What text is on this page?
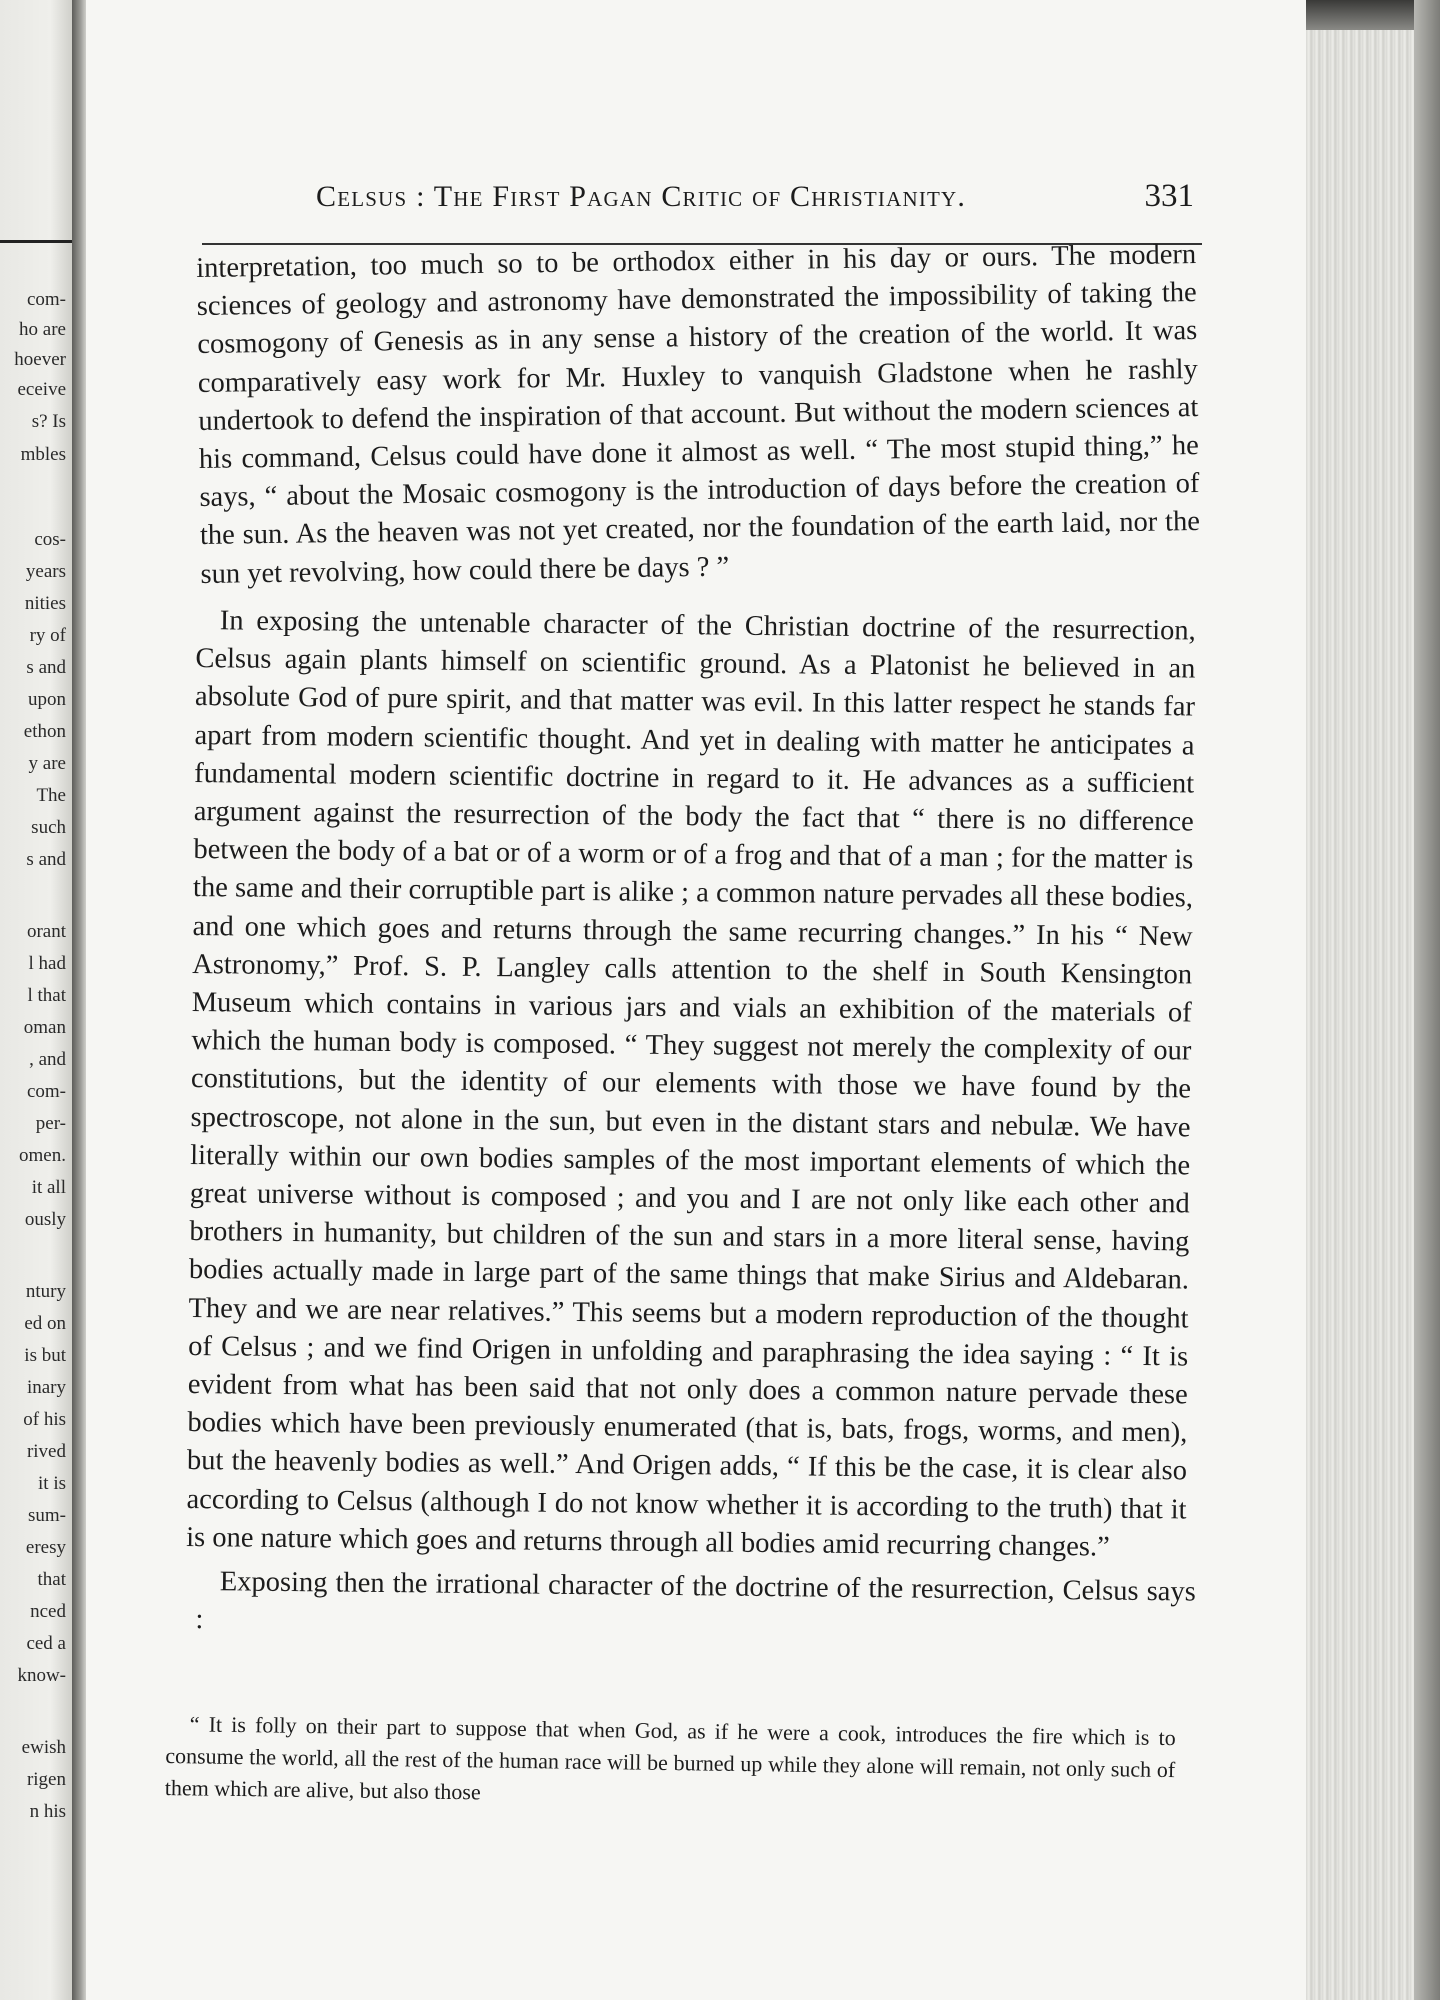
com-
ho are
hoever
eceive
s? Is
mbles
cos-
years
nities
ry of
s and
upon
ethon
y are
The
such
s and
orant
l had
l that
oman
, and
com-
per-
omen.
it all
ously
ntury
ed on
is but
inary
of his
rived
it is
sum-
eresy
that
nced
ced a
know-
ewish
rigen
n his
Celsus : The First Pagan Critic of Christianity.	331

interpretation, too much so to be orthodox either in his day or ours. The modern sciences of geology and astronomy have demonstrated the impossibility of taking the cosmogony of Genesis as in any sense a history of the creation of the world. It was comparatively easy work for Mr. Huxley to vanquish Gladstone when he rashly undertook to defend the inspiration of that account. But without the modern sciences at his command, Celsus could have done it almost as well. “ The most stupid thing,” he says, “ about the Mosaic cosmogony is the introduction of days before the creation of the sun. As the heaven was not yet created, nor the foundation of the earth laid, nor the sun yet revolving, how could there be days ? ”

In exposing the untenable character of the Christian doctrine of the resurrection, Celsus again plants himself on scientific ground. As a Platonist he believed in an absolute God of pure spirit, and that matter was evil. In this latter respect he stands far apart from modern scientific thought. And yet in dealing with matter he anticipates a fundamental modern scientific doctrine in regard to it. He advances as a sufficient argument against the resurrection of the body the fact that “ there is no difference between the body of a bat or of a worm or of a frog and that of a man ; for the matter is the same and their corruptible part is alike ; a common nature pervades all these bodies, and one which goes and returns through the same recurring changes.” In his “ New Astronomy,” Prof. S. P. Langley calls attention to the shelf in South Kensington Museum which contains in various jars and vials an exhibition of the materials of which the human body is composed. “ They suggest not merely the complexity of our constitutions, but the identity of our elements with those we have found by the spectroscope, not alone in the sun, but even in the distant stars and nebulæ. We have literally within our own bodies samples of the most important elements of which the great universe without is composed ; and you and I are not only like each other and brothers in humanity, but children of the sun and stars in a more literal sense, having bodies actually made in large part of the same things that make Sirius and Aldebaran. They and we are near relatives.” This seems but a modern reproduction of the thought of Celsus ; and we find Origen in unfolding and paraphrasing the idea saying : “ It is evident from what has been said that not only does a common nature pervade these bodies which have been previously enumerated (that is, bats, frogs, worms, and men), but the heavenly bodies as well.” And Origen adds, “ If this be the case, it is clear also according to Celsus (although I do not know whether it is according to the truth) that it is one nature which goes and returns through all bodies amid recurring changes.”

Exposing then the irrational character of the doctrine of the resurrection, Celsus says :

“ It is folly on their part to suppose that when God, as if he were a cook, introduces the fire which is to consume the world, all the rest of the human race will be burned up while they alone will remain, not only such of them which are alive, but also those
